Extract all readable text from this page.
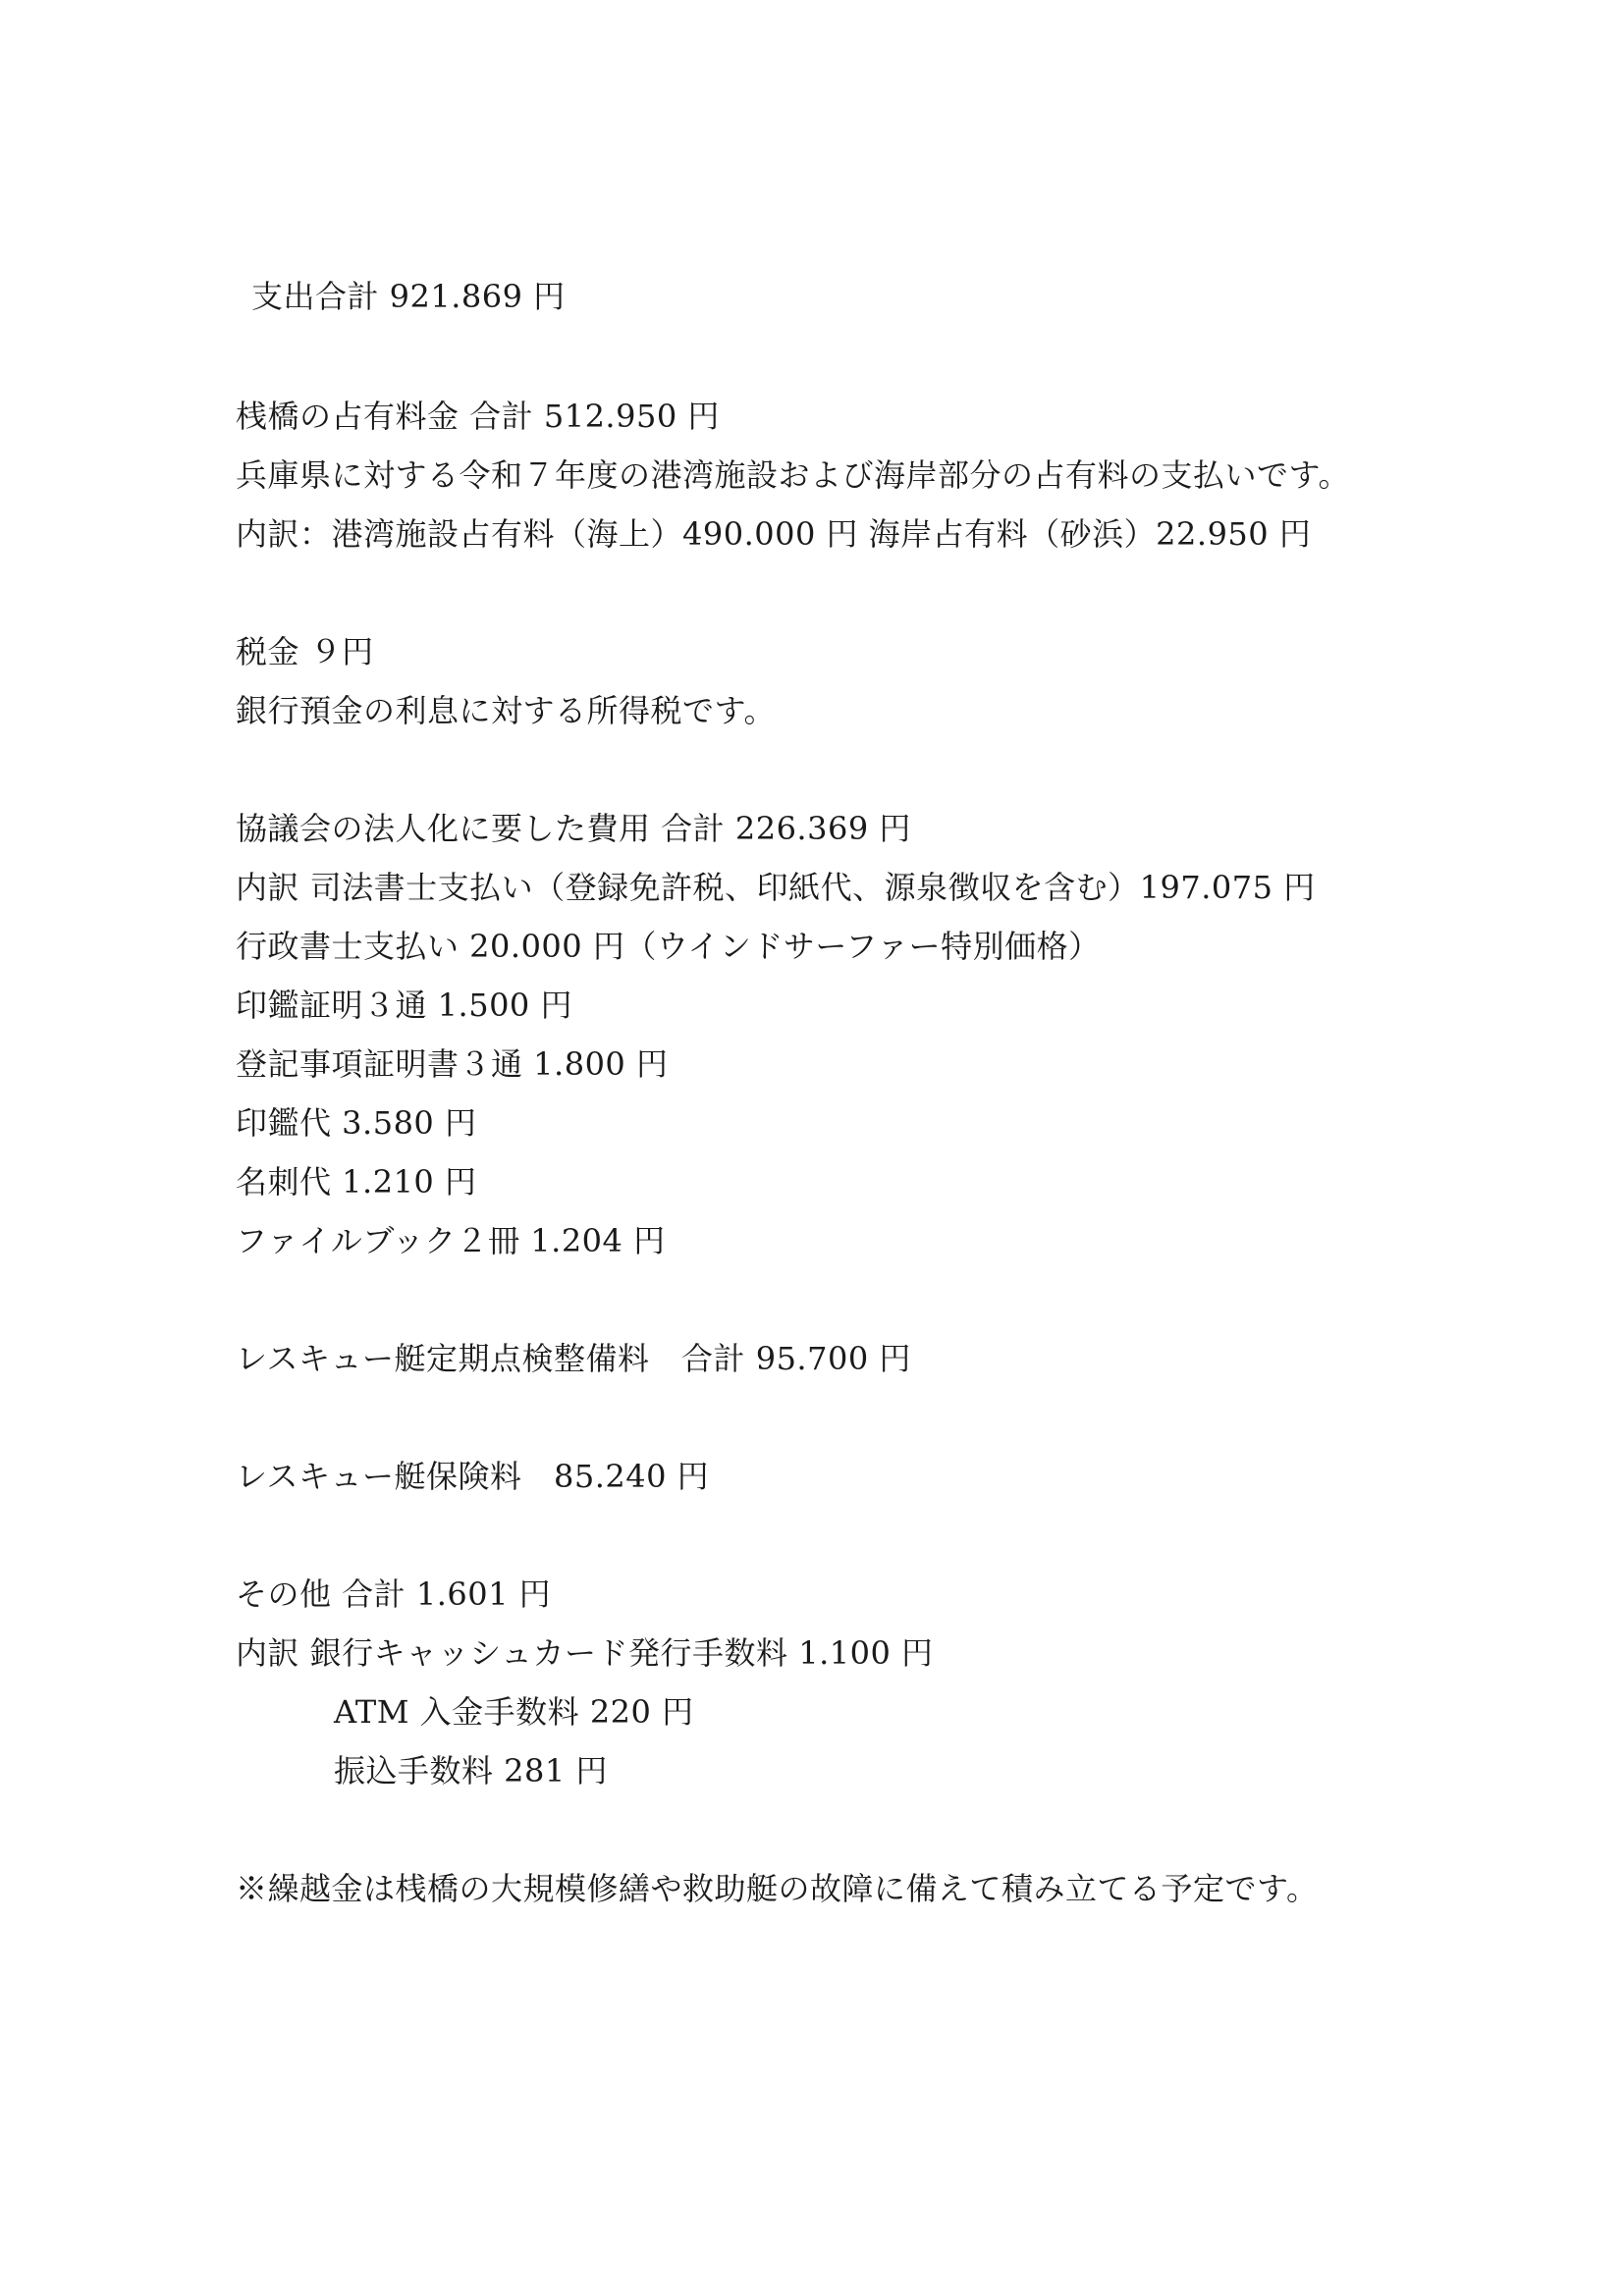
支出合計 921.869 円
桟橋の占有料金 合計 512.950 円
兵庫県に対する令和７年度の港湾施設および海岸部分の占有料の支払いです。
内訳：港湾施設占有料（海上）490.000 円 海岸占有料（砂浜）22.950 円
税金 ９円
銀行預金の利息に対する所得税です。
協議会の法人化に要した費用 合計 226.369 円
内訳 司法書士支払い（登録免許税、印紙代、源泉徴収を含む）197.075 円
行政書士支払い 20.000 円（ウインドサーファー特別価格）
印鑑証明３通 1.500 円
登記事項証明書３通 1.800 円
印鑑代 3.580 円
名刺代 1.210 円
ファイルブック２冊 1.204 円
レスキュー艇定期点検整備料　合計 95.700 円
レスキュー艇保険料　85.240 円
その他 合計 1.601 円
内訳 銀行キャッシュカード発行手数料 1.100 円
ATM 入金手数料 220 円
振込手数料 281 円
※繰越金は桟橋の大規模修繕や救助艇の故障に備えて積み立てる予定です。
